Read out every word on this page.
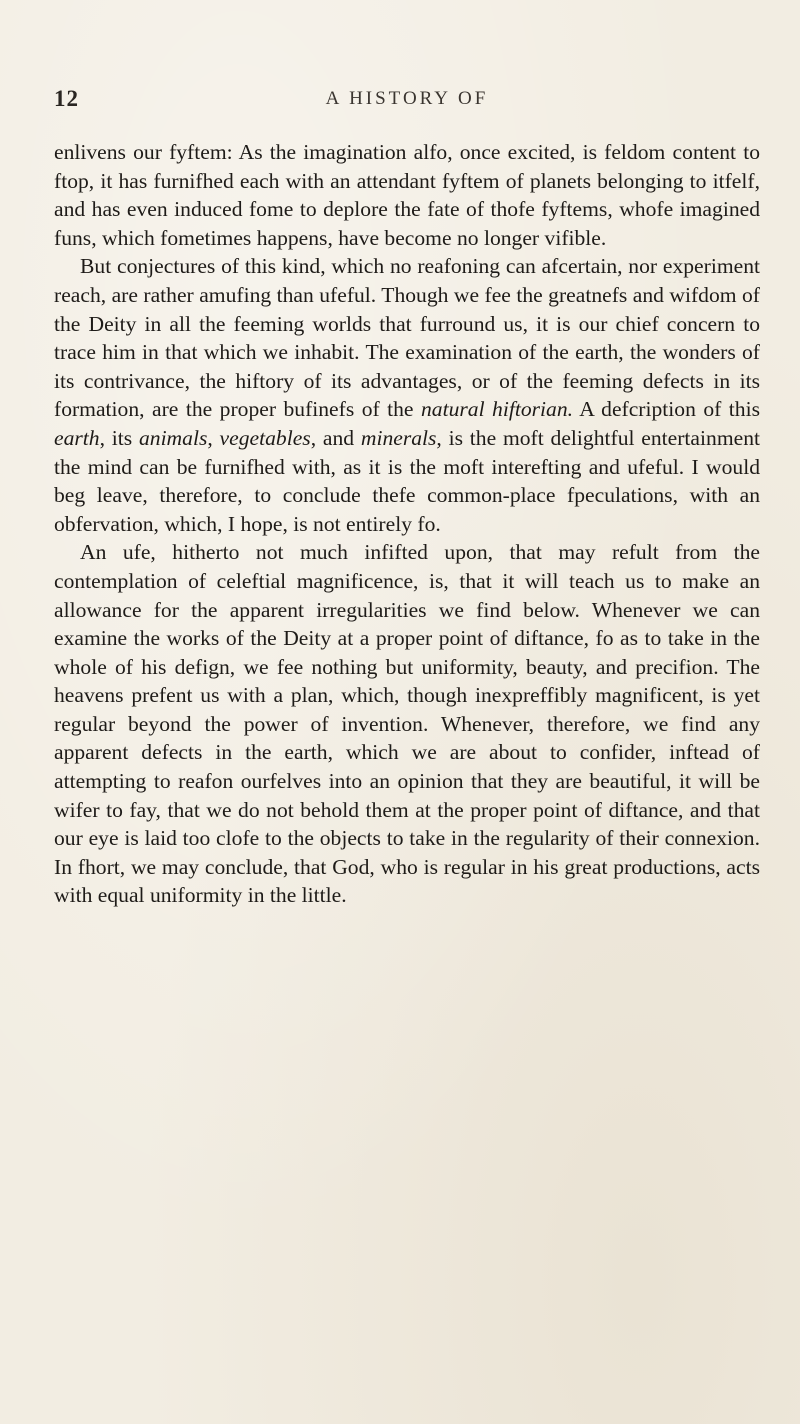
12	A HISTORY OF

enlivens our fyftem: As the imagination alfo, once excited, is feldom content to ftop, it has furnifhed each with an attendant fyftem of planets belonging to itfelf, and has even induced fome to deplore the fate of thofe fyftems, whofe imagined funs, which fometimes happens, have become no longer vifible.

But conjectures of this kind, which no reafoning can afcertain, nor experiment reach, are rather amufing than ufeful. Though we fee the greatnefs and wifdom of the Deity in all the feeming worlds that furround us, it is our chief concern to trace him in that which we inhabit. The examination of the earth, the wonders of its contrivance, the hiftory of its advantages, or of the feeming defects in its formation, are the proper bufinefs of the natural hiftorian. A defcription of this earth, its animals, vegetables, and minerals, is the moft delightful entertainment the mind can be furnifhed with, as it is the moft interefting and ufeful. I would beg leave, therefore, to conclude thefe common-place fpeculations, with an obfervation, which, I hope, is not entirely fo.

An ufe, hitherto not much infifted upon, that may refult from the contemplation of celeftial magnificence, is, that it will teach us to make an allowance for the apparent irregularities we find below. Whenever we can examine the works of the Deity at a proper point of diftance, fo as to take in the whole of his defign, we fee nothing but uniformity, beauty, and precifion. The heavens prefent us with a plan, which, though inexpreffibly magnificent, is yet regular beyond the power of invention. Whenever, therefore, we find any apparent defects in the earth, which we are about to confider, inftead of attempting to reafon ourfelves into an opinion that they are beautiful, it will be wifer to fay, that we do not behold them at the proper point of diftance, and that our eye is laid too clofe to the objects to take in the regularity of their connexion. In fhort, we may conclude, that God, who is regular in his great productions, acts with equal uniformity in the little.
